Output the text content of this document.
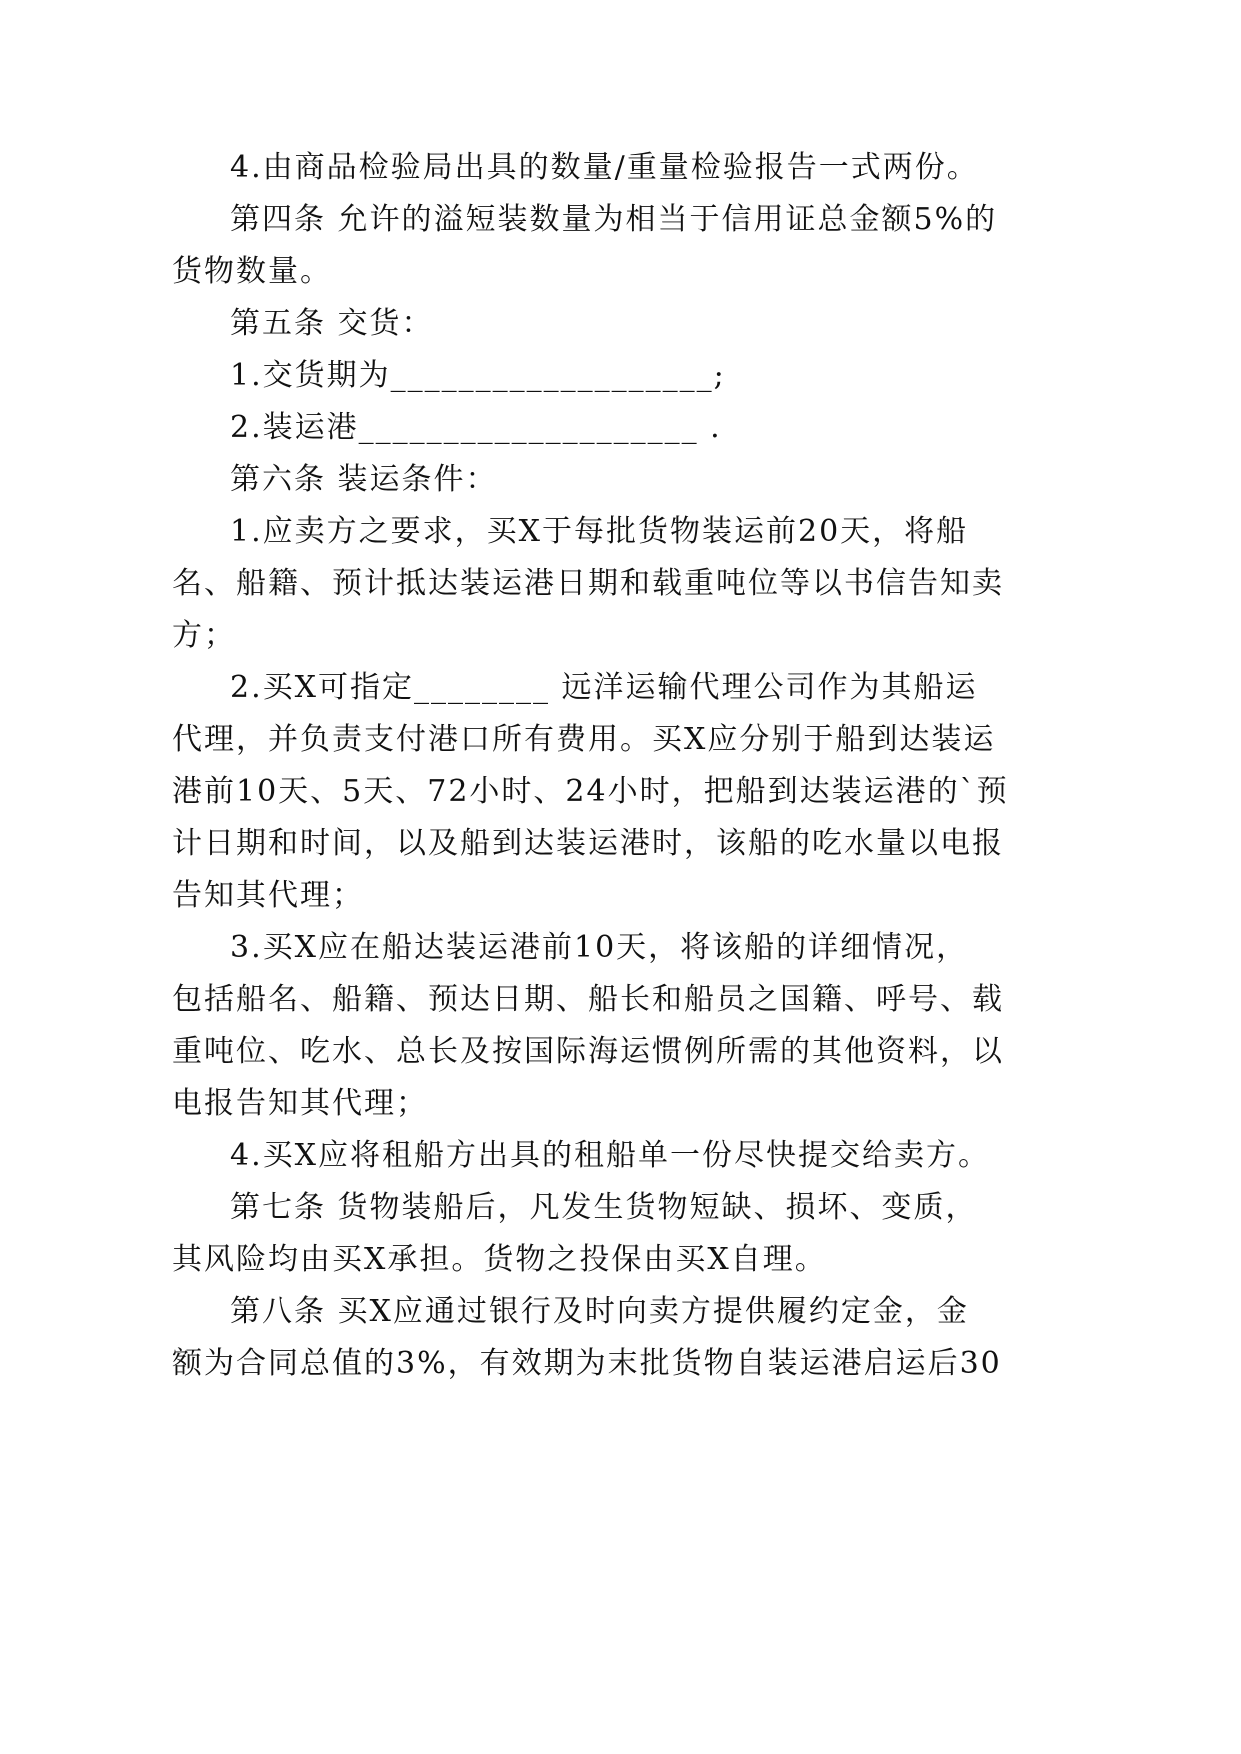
4.由商品检验局出具的数量/重量检验报告一式两份。
第四条 允许的溢短装数量为相当于信用证总金额5%的
货物数量。
第五条 交货：
1.交货期为___________________;
2.装运港____________________ .
第六条 装运条件：
1.应卖方之要求，买X于每批货物装运前20天，将船
名、船籍、预计抵达装运港日期和载重吨位等以书信告知卖
方；
2.买X可指定________ 远洋运输代理公司作为其船运
代理，并负责支付港口所有费用。买X应分别于船到达装运
港前10天、5天、72小时、24小时，把船到达装运港的`预
计日期和时间，以及船到达装运港时，该船的吃水量以电报
告知其代理；
3.买X应在船达装运港前10天，将该船的详细情况，
包括船名、船籍、预达日期、船长和船员之国籍、呼号、载
重吨位、吃水、总长及按国际海运惯例所需的其他资料，以
电报告知其代理；
4.买X应将租船方出具的租船单一份尽快提交给卖方。
第七条 货物装船后，凡发生货物短缺、损坏、变质，
其风险均由买X承担。货物之投保由买X自理。
第八条 买X应通过银行及时向卖方提供履约定金，金
额为合同总值的3%，有效期为末批货物自装运港启运后30
